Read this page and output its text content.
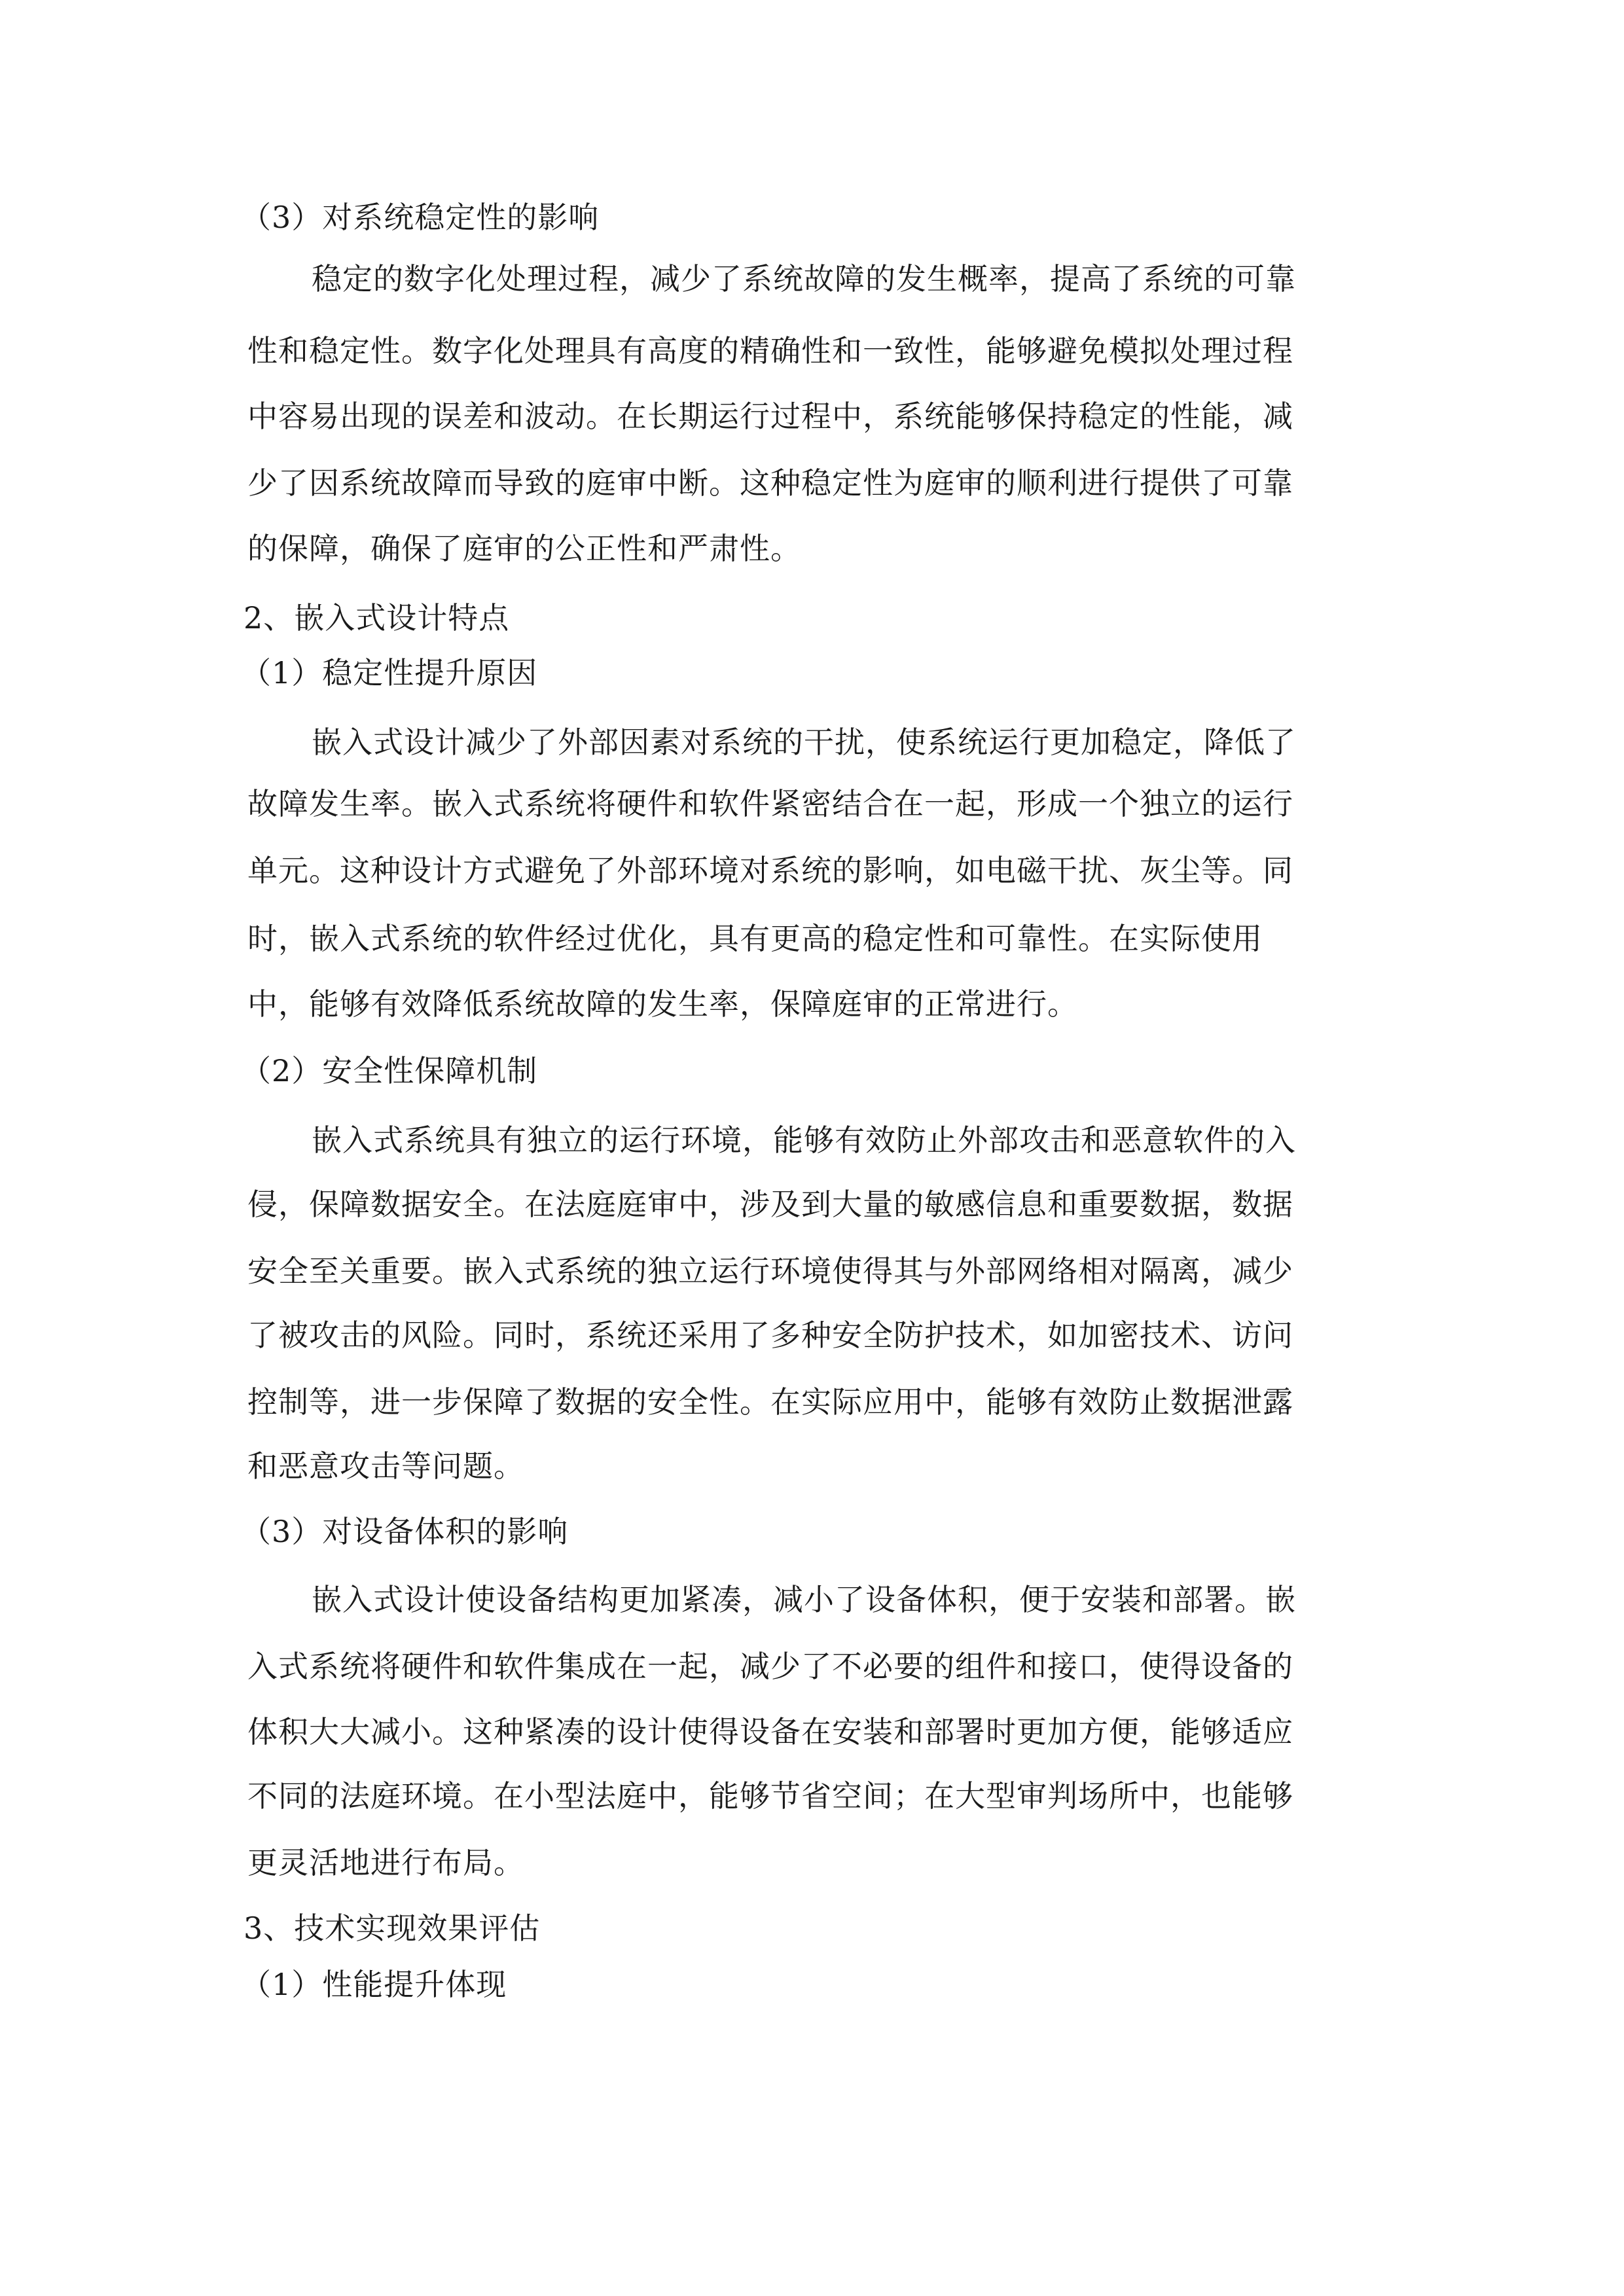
（3）对系统稳定性的影响
稳定的数字化处理过程，减少了系统故障的发生概率，提高了系统的可靠
性和稳定性。数字化处理具有高度的精确性和一致性，能够避免模拟处理过程
中容易出现的误差和波动。在长期运行过程中，系统能够保持稳定的性能，减
少了因系统故障而导致的庭审中断。这种稳定性为庭审的顺利进行提供了可靠
的保障，确保了庭审的公正性和严肃性。
2、嵌入式设计特点
（1）稳定性提升原因
嵌入式设计减少了外部因素对系统的干扰，使系统运行更加稳定，降低了
故障发生率。嵌入式系统将硬件和软件紧密结合在一起，形成一个独立的运行
单元。这种设计方式避免了外部环境对系统的影响，如电磁干扰、灰尘等。同
时，嵌入式系统的软件经过优化，具有更高的稳定性和可靠性。在实际使用
中，能够有效降低系统故障的发生率，保障庭审的正常进行。
（2）安全性保障机制
嵌入式系统具有独立的运行环境，能够有效防止外部攻击和恶意软件的入
侵，保障数据安全。在法庭庭审中，涉及到大量的敏感信息和重要数据，数据
安全至关重要。嵌入式系统的独立运行环境使得其与外部网络相对隔离，减少
了被攻击的风险。同时，系统还采用了多种安全防护技术，如加密技术、访问
控制等，进一步保障了数据的安全性。在实际应用中，能够有效防止数据泄露
和恶意攻击等问题。
（3）对设备体积的影响
嵌入式设计使设备结构更加紧凑，减小了设备体积，便于安装和部署。嵌
入式系统将硬件和软件集成在一起，减少了不必要的组件和接口，使得设备的
体积大大减小。这种紧凑的设计使得设备在安装和部署时更加方便，能够适应
不同的法庭环境。在小型法庭中，能够节省空间；在大型审判场所中，也能够
更灵活地进行布局。
3、技术实现效果评估
（1）性能提升体现
